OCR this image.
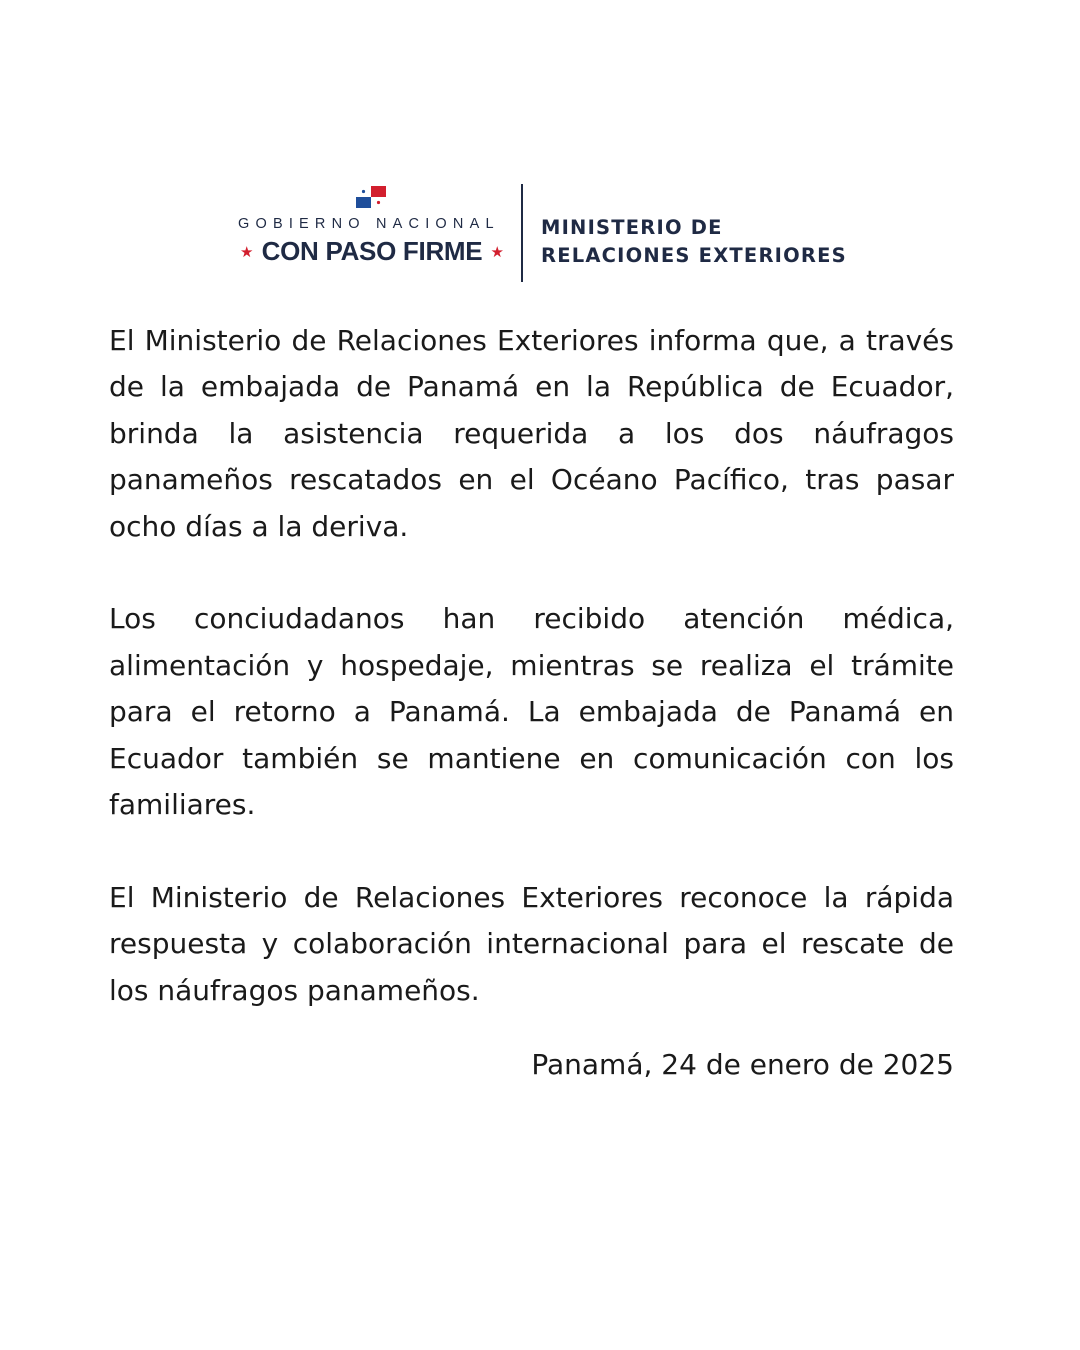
GOBIERNO NACIONAL
★ CON PASO FIRME ★
MINISTERIO DE
RELACIONES EXTERIORES

El Ministerio de Relaciones Exteriores informa que, a través de la embajada de Panamá en la República de Ecuador, brinda la asistencia requerida a los dos náufragos panameños rescatados en el Océano Pacífico, tras pasar ocho días a la deriva.

Los conciudadanos han recibido atención médica, alimentación y hospedaje, mientras se realiza el trámite para el retorno a Panamá. La embajada de Panamá en Ecuador también se mantiene en comunicación con los familiares.

El Ministerio de Relaciones Exteriores reconoce la rápida respuesta y colaboración internacional para el rescate de los náufragos panameños.

Panamá, 24 de enero de 2025
